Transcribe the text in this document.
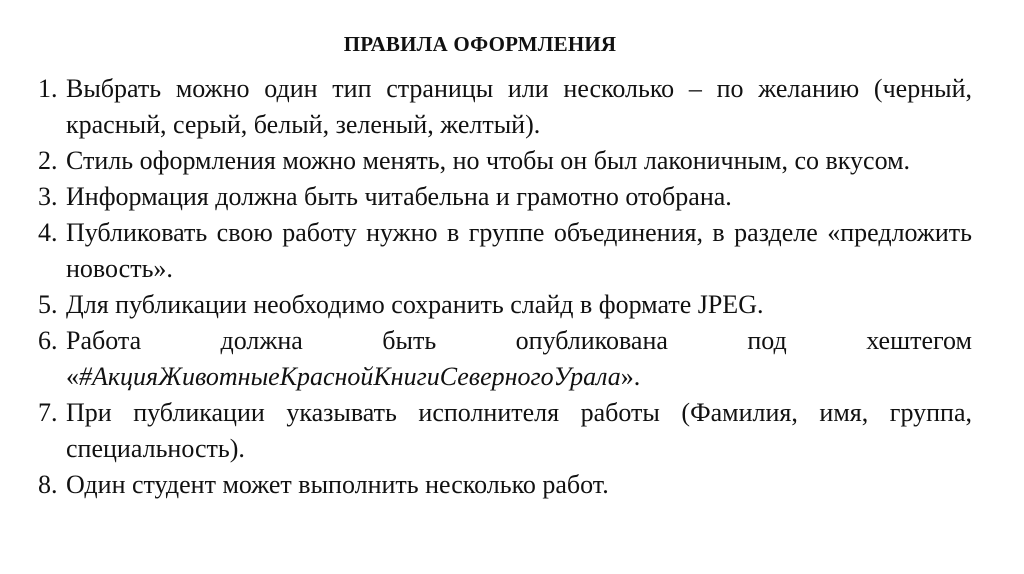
ПРАВИЛА ОФОРМЛЕНИЯ
1. Выбрать можно один тип страницы или несколько – по желанию (черный, красный, серый, белый, зеленый, желтый).
2. Стиль оформления можно менять, но чтобы он был лаконичным, со вкусом.
3. Информация должна быть читабельна и грамотно отобрана.
4. Публиковать свою работу нужно в группе объединения, в разделе «предложить новость».
5. Для публикации необходимо сохранить слайд в формате JPEG.
6. Работа	должна	быть	опубликована	под	хештегом
«#АкцияЖивотныеКраснойКнигиСеверногоУрала».
7. При публикации указывать исполнителя работы (Фамилия, имя, группа, специальность).
8. Один студент может выполнить несколько работ.
